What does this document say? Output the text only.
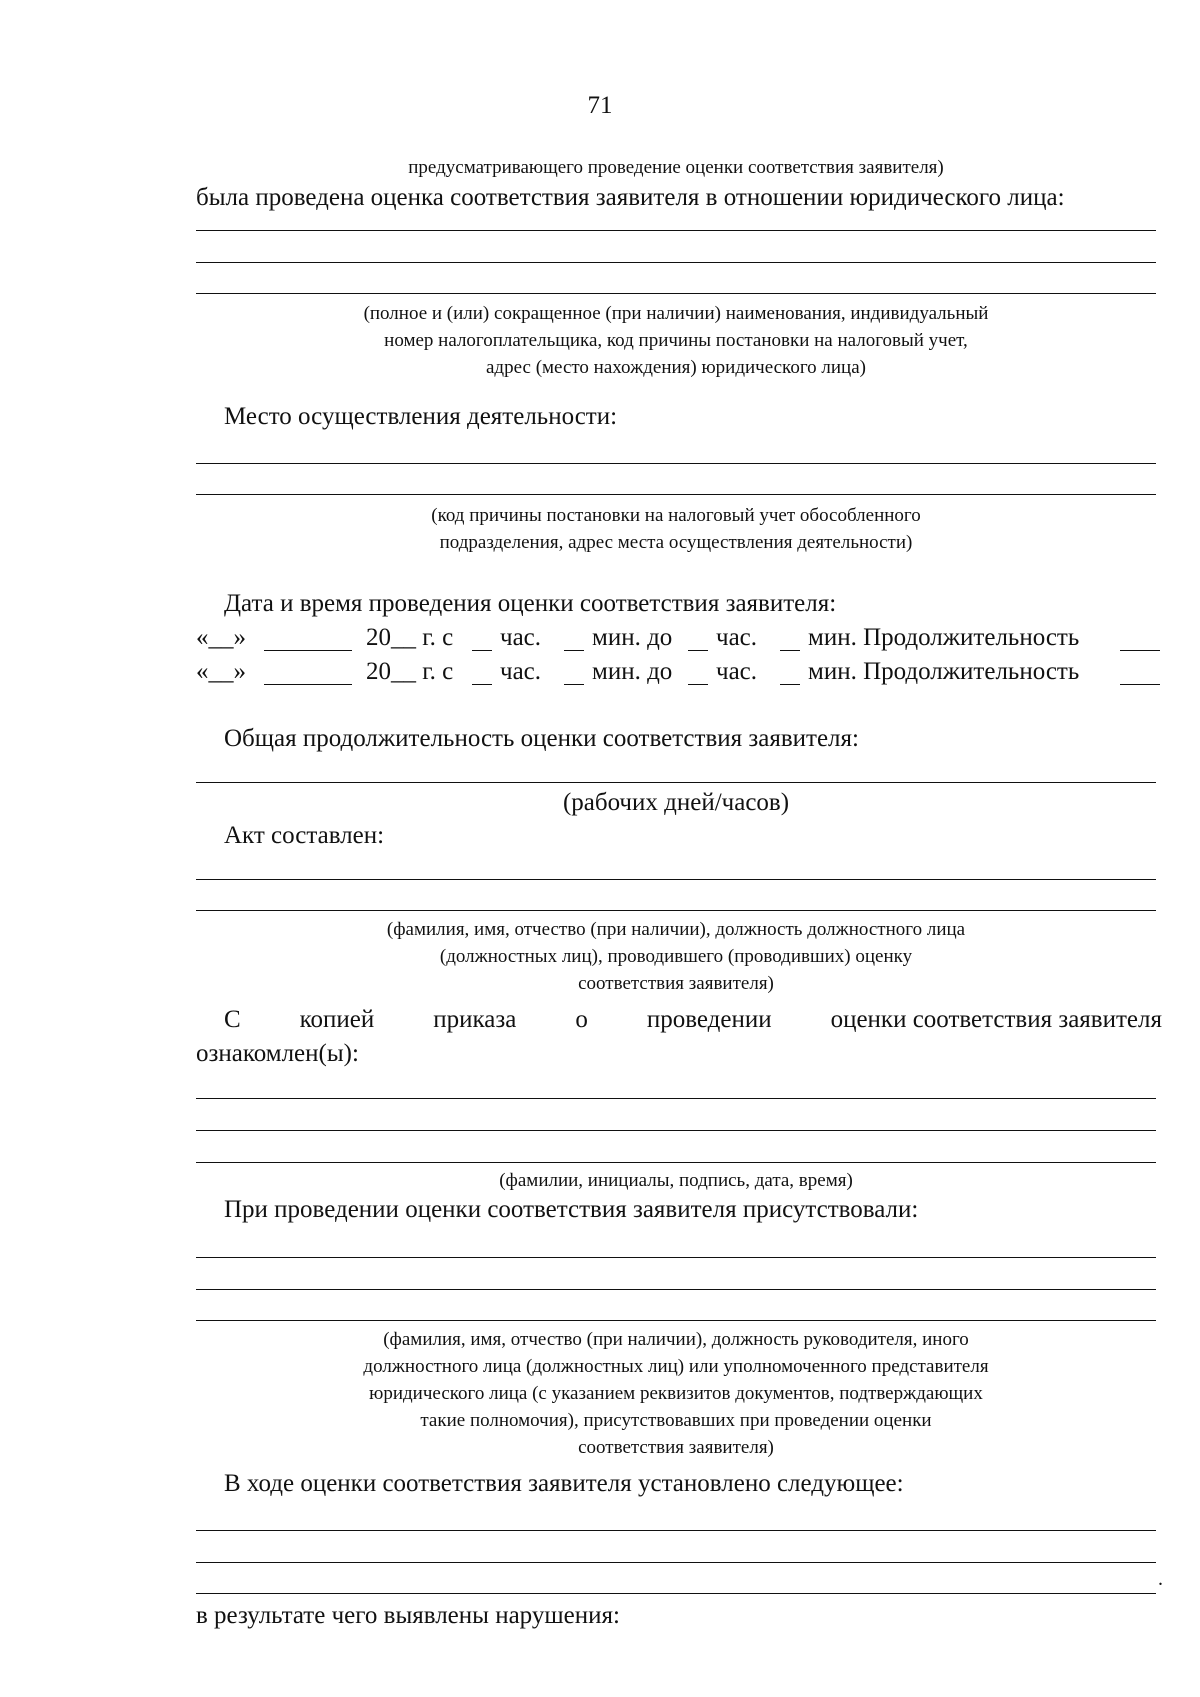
71
предусматривающего проведение оценки соответствия заявителя)
была проведена оценка соответствия заявителя в отношении юридического лица:
(полное и (или) сокращенное (при наличии) наименования, индивидуальный
номер налогоплательщика, код причины постановки на налоговый учет,
адрес (место нахождения) юридического лица)
Место осуществления деятельности:
(код причины постановки на налоговый учет обособленного
подразделения, адрес места осуществления деятельности)
Дата и время проведения оценки соответствия заявителя:
«__»	20__ г. с час. мин. до час. мин. Продолжительность
«__»	20__ г. с час. мин. до час. мин. Продолжительность
Общая продолжительность оценки соответствия заявителя:
(рабочих дней/часов)
Акт составлен:
(фамилия, имя, отчество (при наличии), должность должностного лица
(должностных лиц), проводившего (проводивших) оценку
соответствия заявителя)
С копией приказа о проведении оценки соответствия заявителя
ознакомлен(ы):
(фамилии, инициалы, подпись, дата, время)
При проведении оценки соответствия заявителя присутствовали:
(фамилия, имя, отчество (при наличии), должность руководителя, иного
должностного лица (должностных лиц) или уполномоченного представителя
юридического лица (с указанием реквизитов документов, подтверждающих
такие полномочия), присутствовавших при проведении оценки
соответствия заявителя)
В ходе оценки соответствия заявителя установлено следующее:
.
в результате чего выявлены нарушения:
